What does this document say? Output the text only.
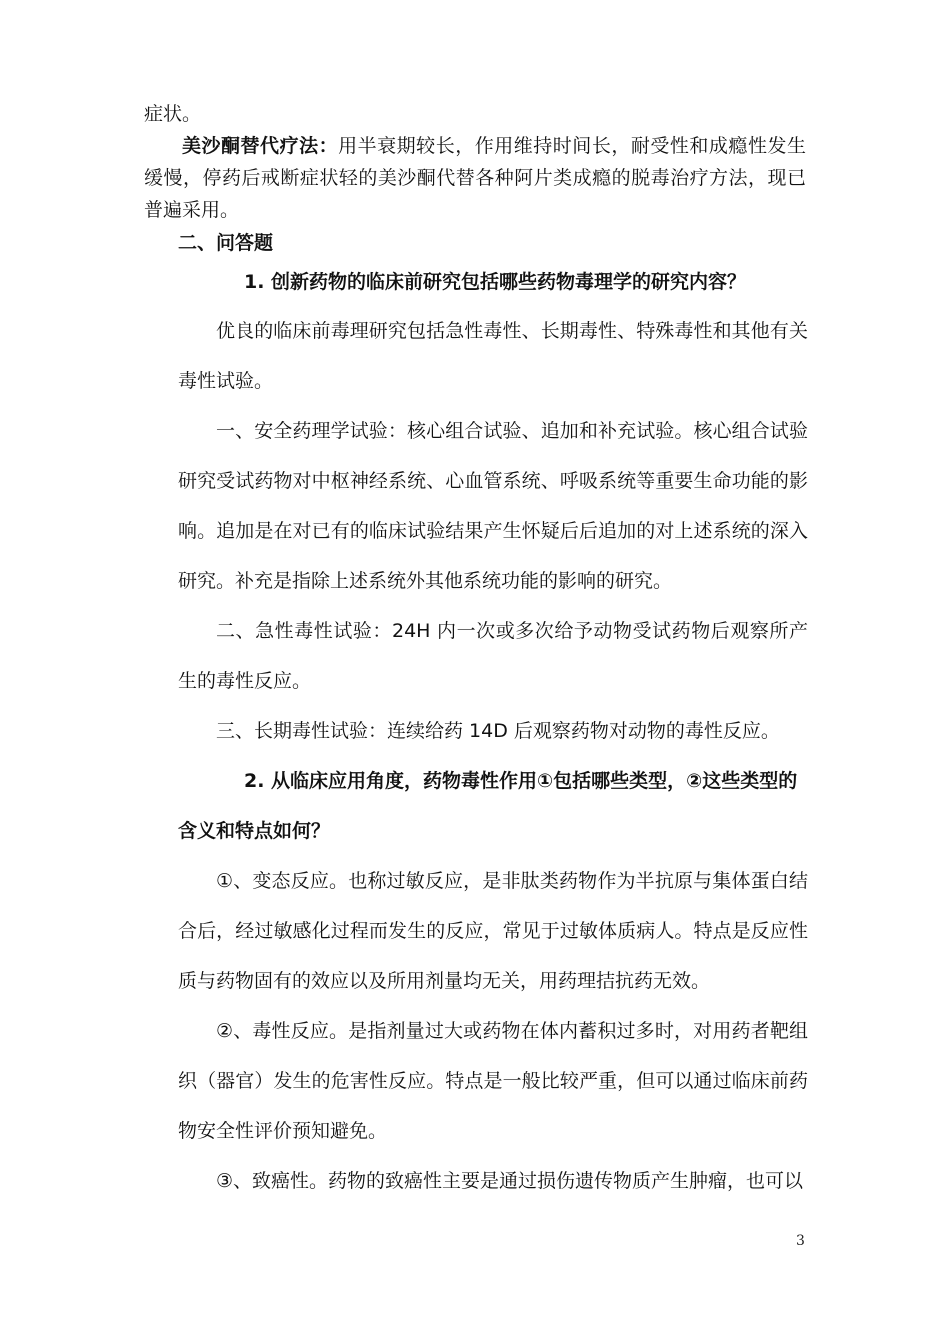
症状。
美沙酮替代疗法：用半衰期较长，作用维持时间长，耐受性和成瘾性发生缓慢，停药后戒断症状轻的美沙酮代替各种阿片类成瘾的脱毒治疗方法，现已普遍采用。
二、问答题
1. 创新药物的临床前研究包括哪些药物毒理学的研究内容？
优良的临床前毒理研究包括急性毒性、长期毒性、特殊毒性和其他有关毒性试验。
一、安全药理学试验：核心组合试验、追加和补充试验。核心组合试验研究受试药物对中枢神经系统、心血管系统、呼吸系统等重要生命功能的影响。追加是在对已有的临床试验结果产生怀疑后后追加的对上述系统的深入研究。补充是指除上述系统外其他系统功能的影响的研究。
二、急性毒性试验：24H 内一次或多次给予动物受试药物后观察所产生的毒性反应。
三、长期毒性试验：连续给药 14D 后观察药物对动物的毒性反应。
2. 从临床应用角度，药物毒性作用①包括哪些类型，②这些类型的含义和特点如何？
①、变态反应。也称过敏反应，是非肽类药物作为半抗原与集体蛋白结合后，经过敏感化过程而发生的反应，常见于过敏体质病人。特点是反应性质与药物固有的效应以及所用剂量均无关，用药理拮抗药无效。
②、毒性反应。是指剂量过大或药物在体内蓄积过多时，对用药者靶组织（器官）发生的危害性反应。特点是一般比较严重，但可以通过临床前药物安全性评价预知避免。
③、致癌性。药物的致癌性主要是通过损伤遗传物质产生肿瘤，也可以
3
